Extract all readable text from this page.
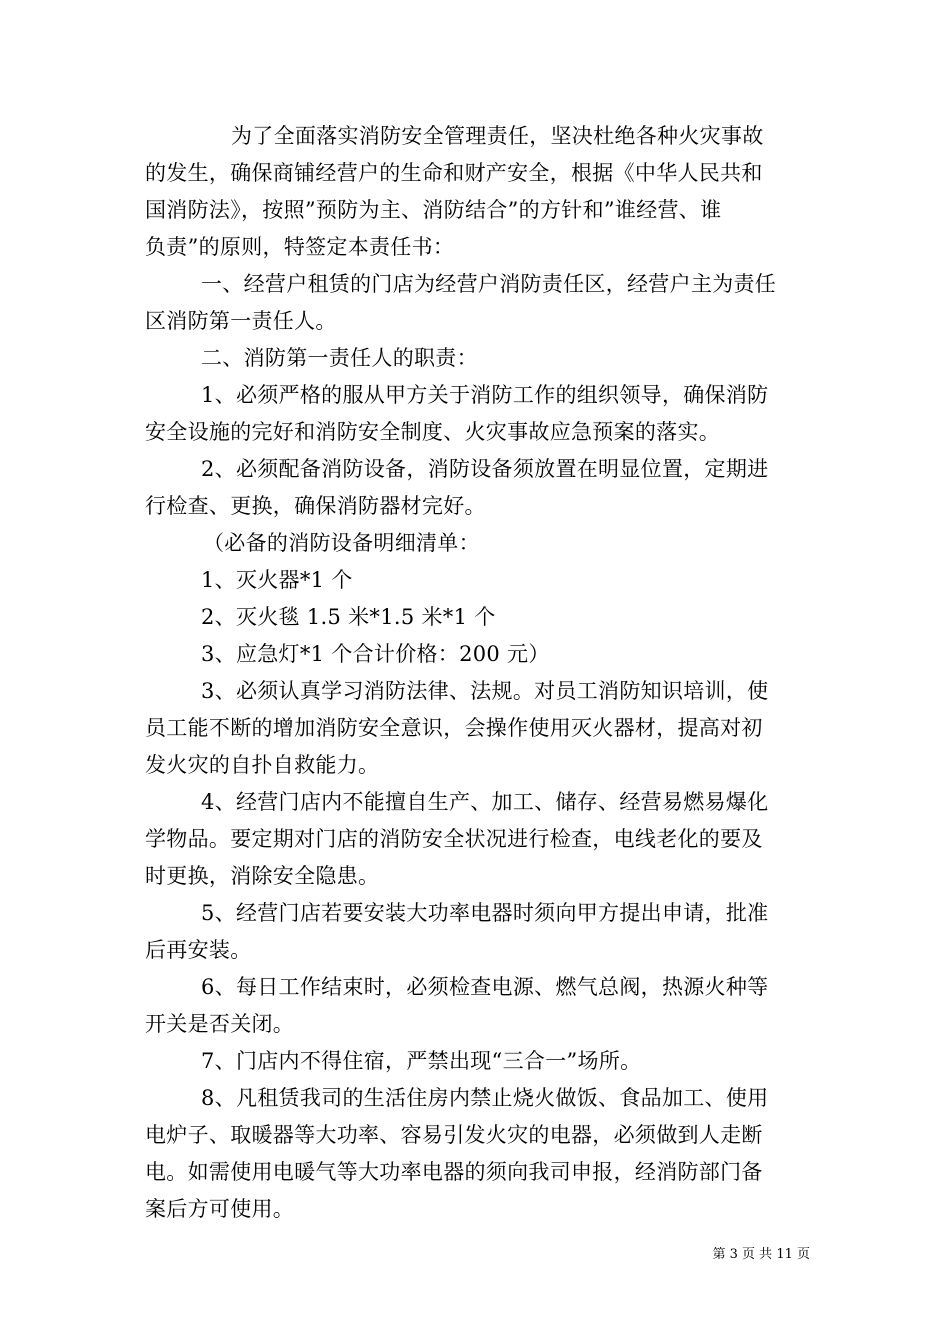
为了全面落实消防安全管理责任，坚决杜绝各种火灾事故
的发生，确保商铺经营户的生命和财产安全，根据《中华人民共和
国消防法》，按照”预防为主、消防结合”的方针和”谁经营、谁
负责”的原则，特签定本责任书：
一、经营户租赁的门店为经营户消防责任区，经营户主为责任
区消防第一责任人。
二、消防第一责任人的职责：
1、必须严格的服从甲方关于消防工作的组织领导，确保消防
安全设施的完好和消防安全制度、火灾事故应急预案的落实。
2、必须配备消防设备，消防设备须放置在明显位置，定期进
行检查、更换，确保消防器材完好。
（必备的消防设备明细清单：
1、灭火器*1 个
2、灭火毯 1.5 米*1.5 米*1 个
3、应急灯*1 个合计价格：200 元）
3、必须认真学习消防法律、法规。对员工消防知识培训，使
员工能不断的增加消防安全意识，会操作使用灭火器材，提高对初
发火灾的自扑自救能力。
4、经营门店内不能擅自生产、加工、储存、经营易燃易爆化
学物品。要定期对门店的消防安全状况进行检查，电线老化的要及
时更换，消除安全隐患。
5、经营门店若要安装大功率电器时须向甲方提出申请，批准
后再安装。
6、每日工作结束时，必须检查电源、燃气总阀，热源火种等
开关是否关闭。
7、门店内不得住宿，严禁出现“三合一”场所。
8、凡租赁我司的生活住房内禁止烧火做饭、食品加工、使用
电炉子、取暖器等大功率、容易引发火灾的电器，必须做到人走断
电。如需使用电暖气等大功率电器的须向我司申报，经消防部门备
案后方可使用。
第 3 页 共 11 页
